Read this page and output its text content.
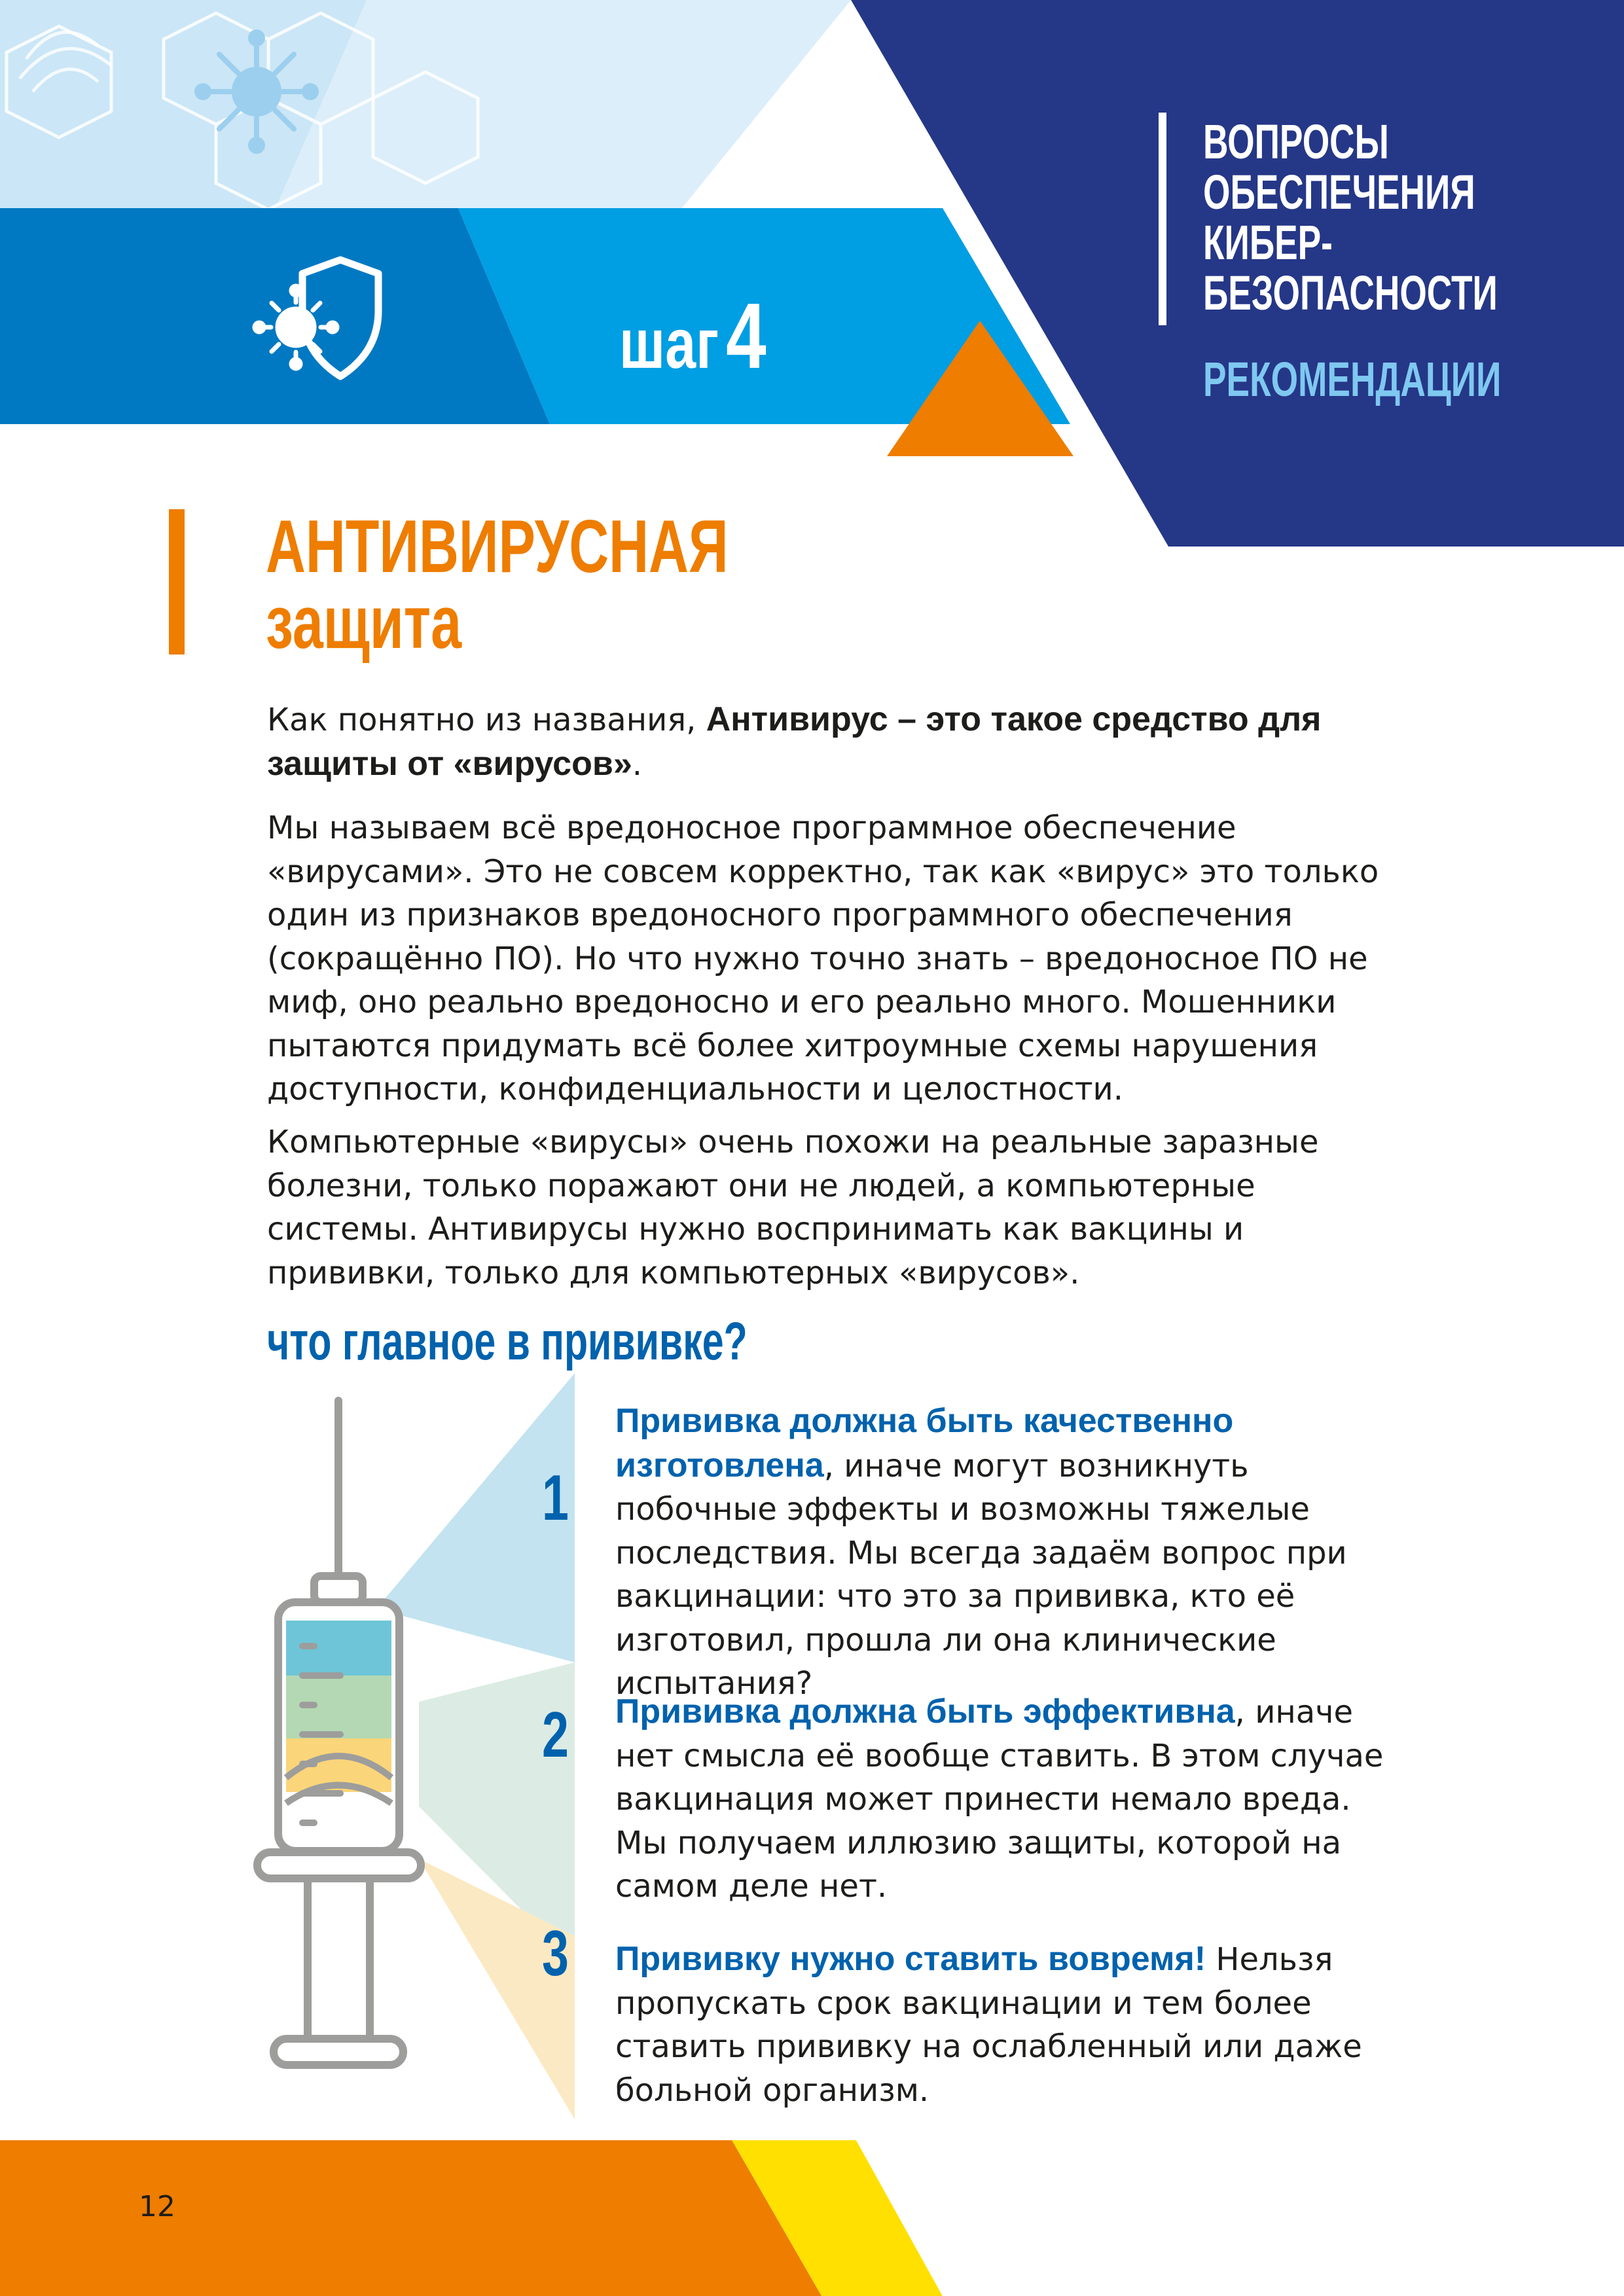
ВОПРОСЫ
ОБЕСПЕЧЕНИЯ
КИБЕР-
БЕЗОПАСНОСТИ
РЕКОМЕНДАЦИИ
шаг4
АНТИВИРУСНАЯ
защита

Как понятно из названия, Антивирус – это такое средство для защиты от «вирусов».

Мы называем всё вредоносное программное обеспечение «вирусами». Это не совсем корректно, так как «вирус» это только один из признаков вредоносного программного обеспечения (сокращённо ПО). Но что нужно точно знать – вредоносное ПО не миф, оно реально вредоносно и его реально много. Мошенники пытаются придумать всё более хитроумные схемы нарушения доступности, конфиденциальности и целостности.

Компьютерные «вирусы» очень похожи на реальные заразные болезни, только поражают они не людей, а компьютерные системы. Антивирусы нужно воспринимать как вакцины и прививки, только для компьютерных «вирусов».

что главное в прививке?
1
Прививка должна быть качественно изготовлена, иначе могут возникнуть побочные эффекты и возможны тяжелые последствия. Мы всегда задаём вопрос при вакцинации: что это за прививка, кто её изготовил, прошла ли она клинические испытания?
2 Прививка должна быть эффективна, иначе нет смысла её вообще ставить. В этом случае вакцинация может принести немало вреда. Мы получаем иллюзию защиты, которой на самом деле нет.
3 Прививку нужно ставить вовремя! Нельзя пропускать срок вакцинации и тем более ставить прививку на ослабленный или даже больной организм.
12
